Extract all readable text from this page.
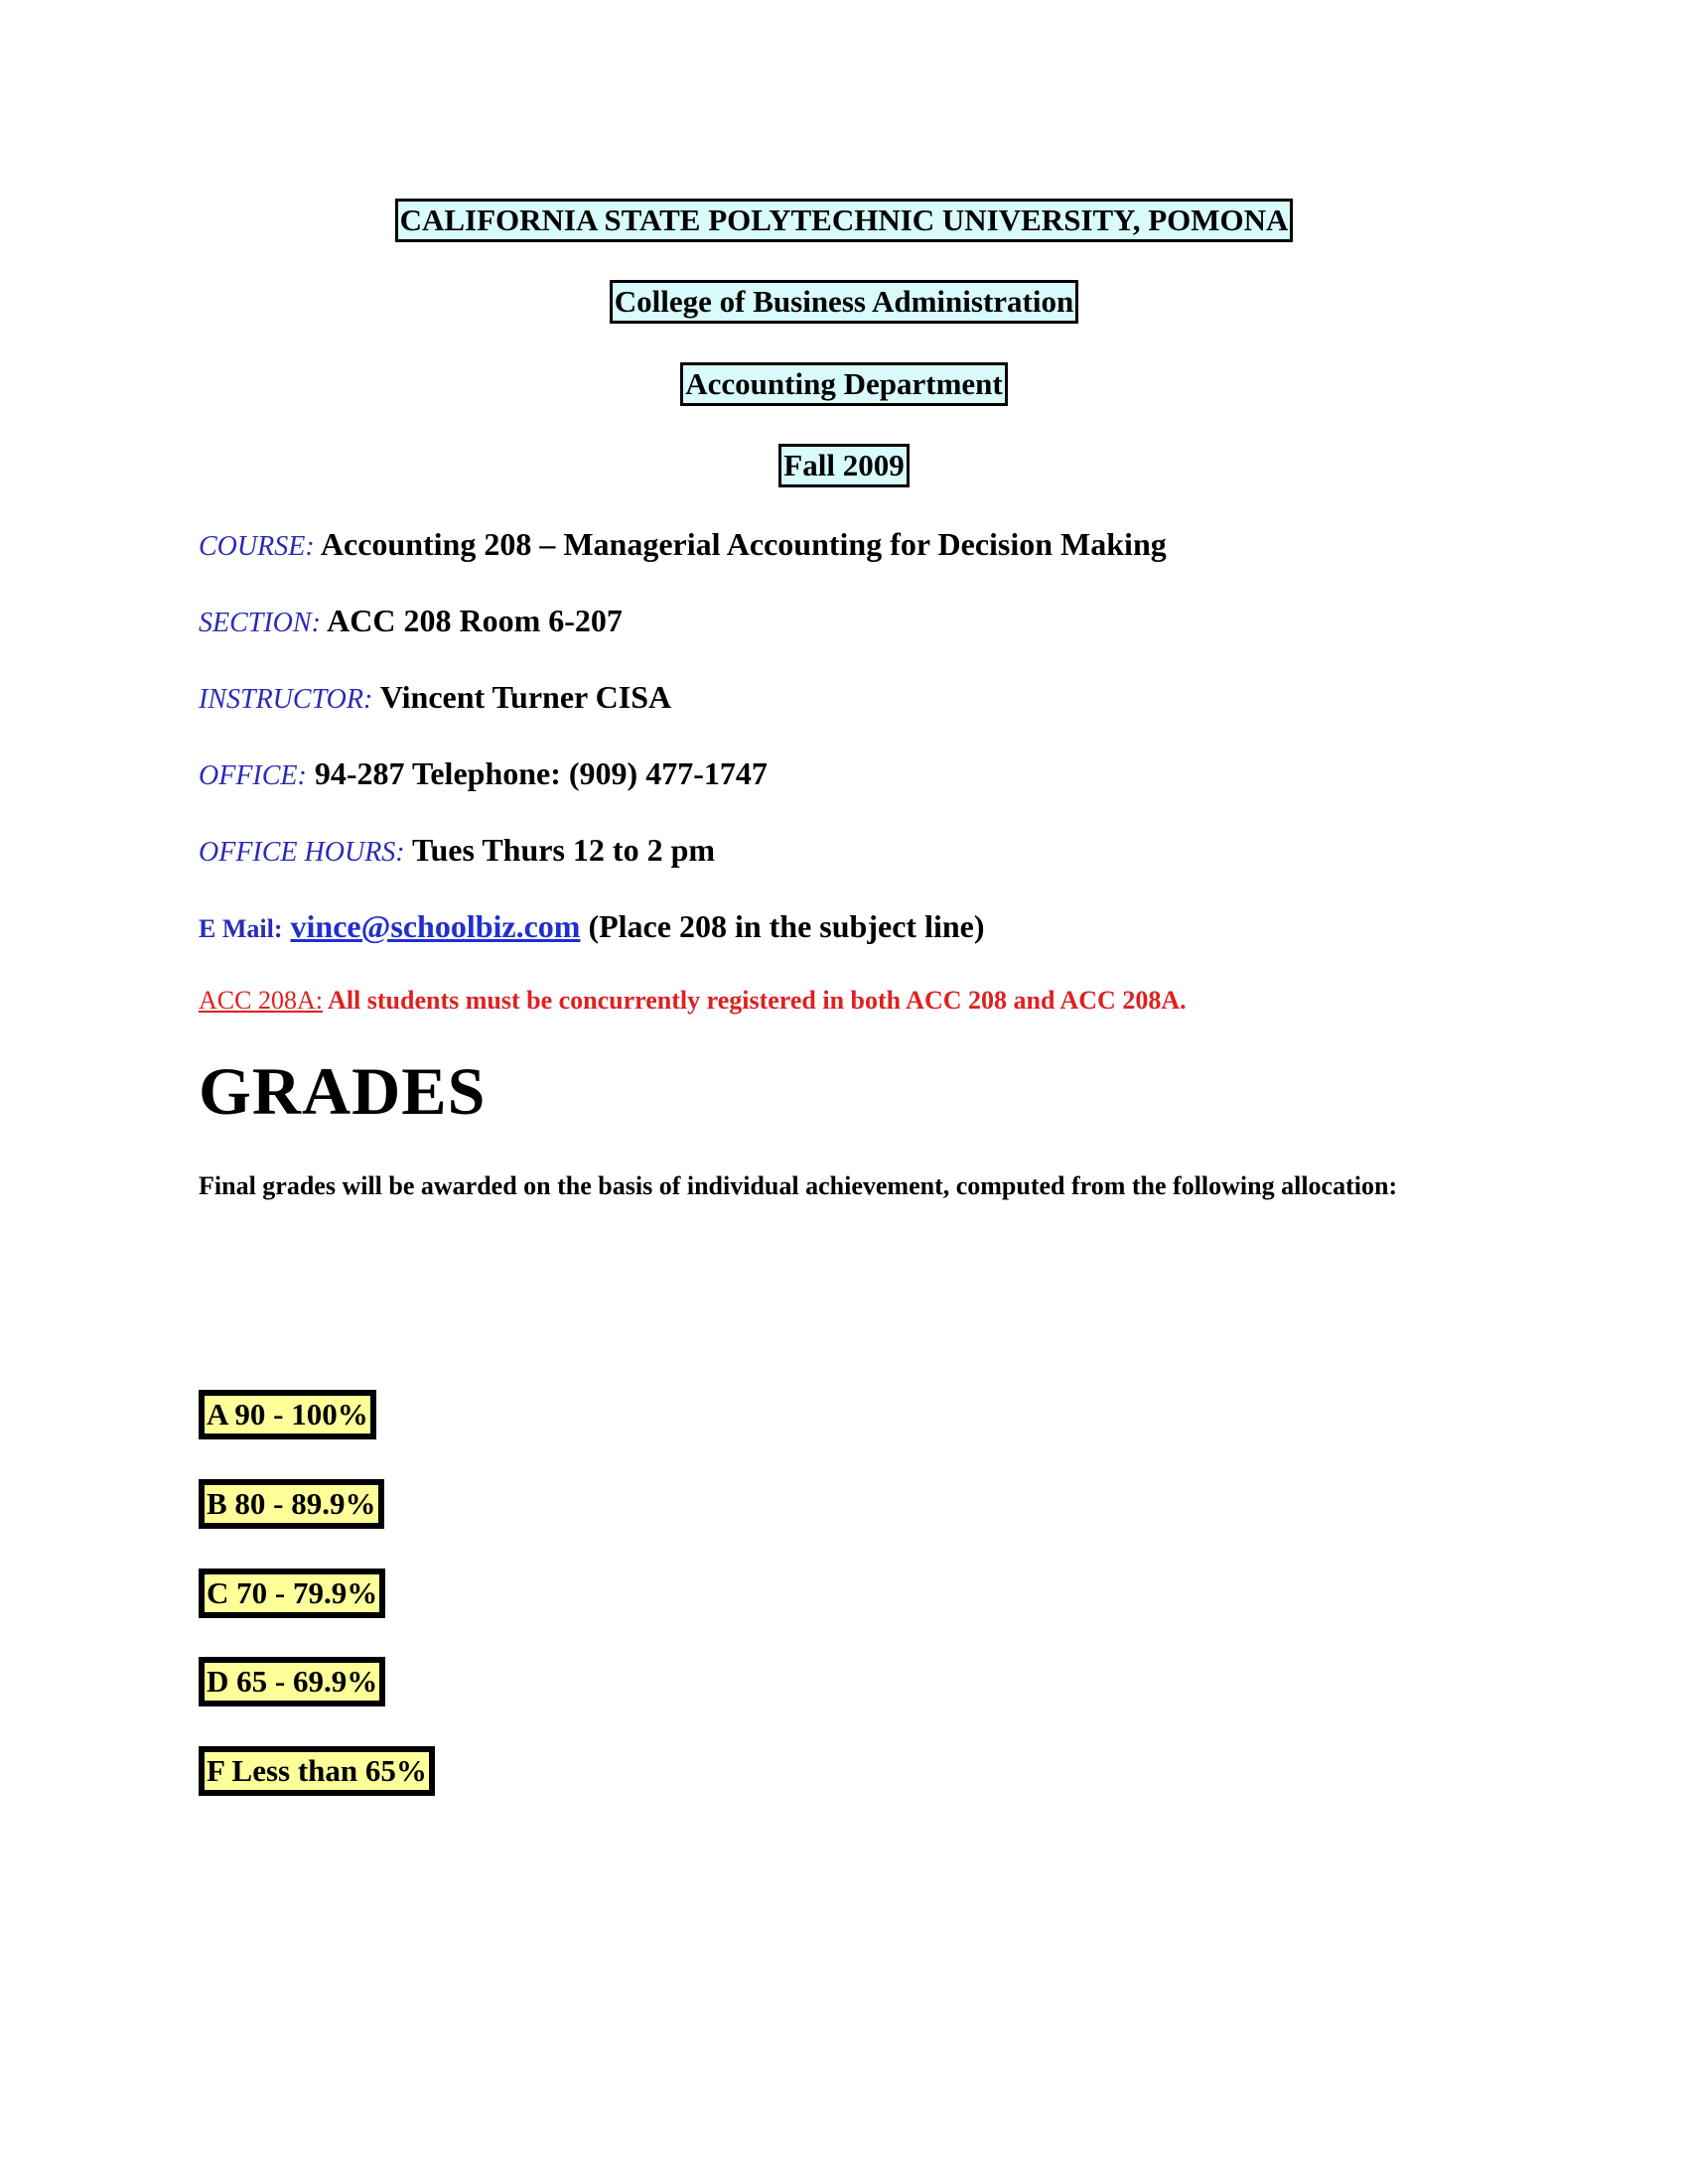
CALIFORNIA STATE POLYTECHNIC UNIVERSITY, POMONA
College of Business Administration
Accounting Department
Fall 2009
COURSE: Accounting 208 – Managerial Accounting for Decision Making
SECTION: ACC 208 Room 6-207
INSTRUCTOR: Vincent Turner CISA
OFFICE: 94-287 Telephone: (909) 477-1747
OFFICE HOURS: Tues Thurs 12 to 2 pm
E Mail: vince@schoolbiz.com (Place 208 in the subject line)
ACC 208A: All students must be concurrently registered in both ACC 208 and ACC 208A.
GRADES
Final grades will be awarded on the basis of individual achievement, computed from the following allocation:
A 90 - 100%
B 80 - 89.9%
C 70 - 79.9%
D 65 - 69.9%
F Less than 65%
